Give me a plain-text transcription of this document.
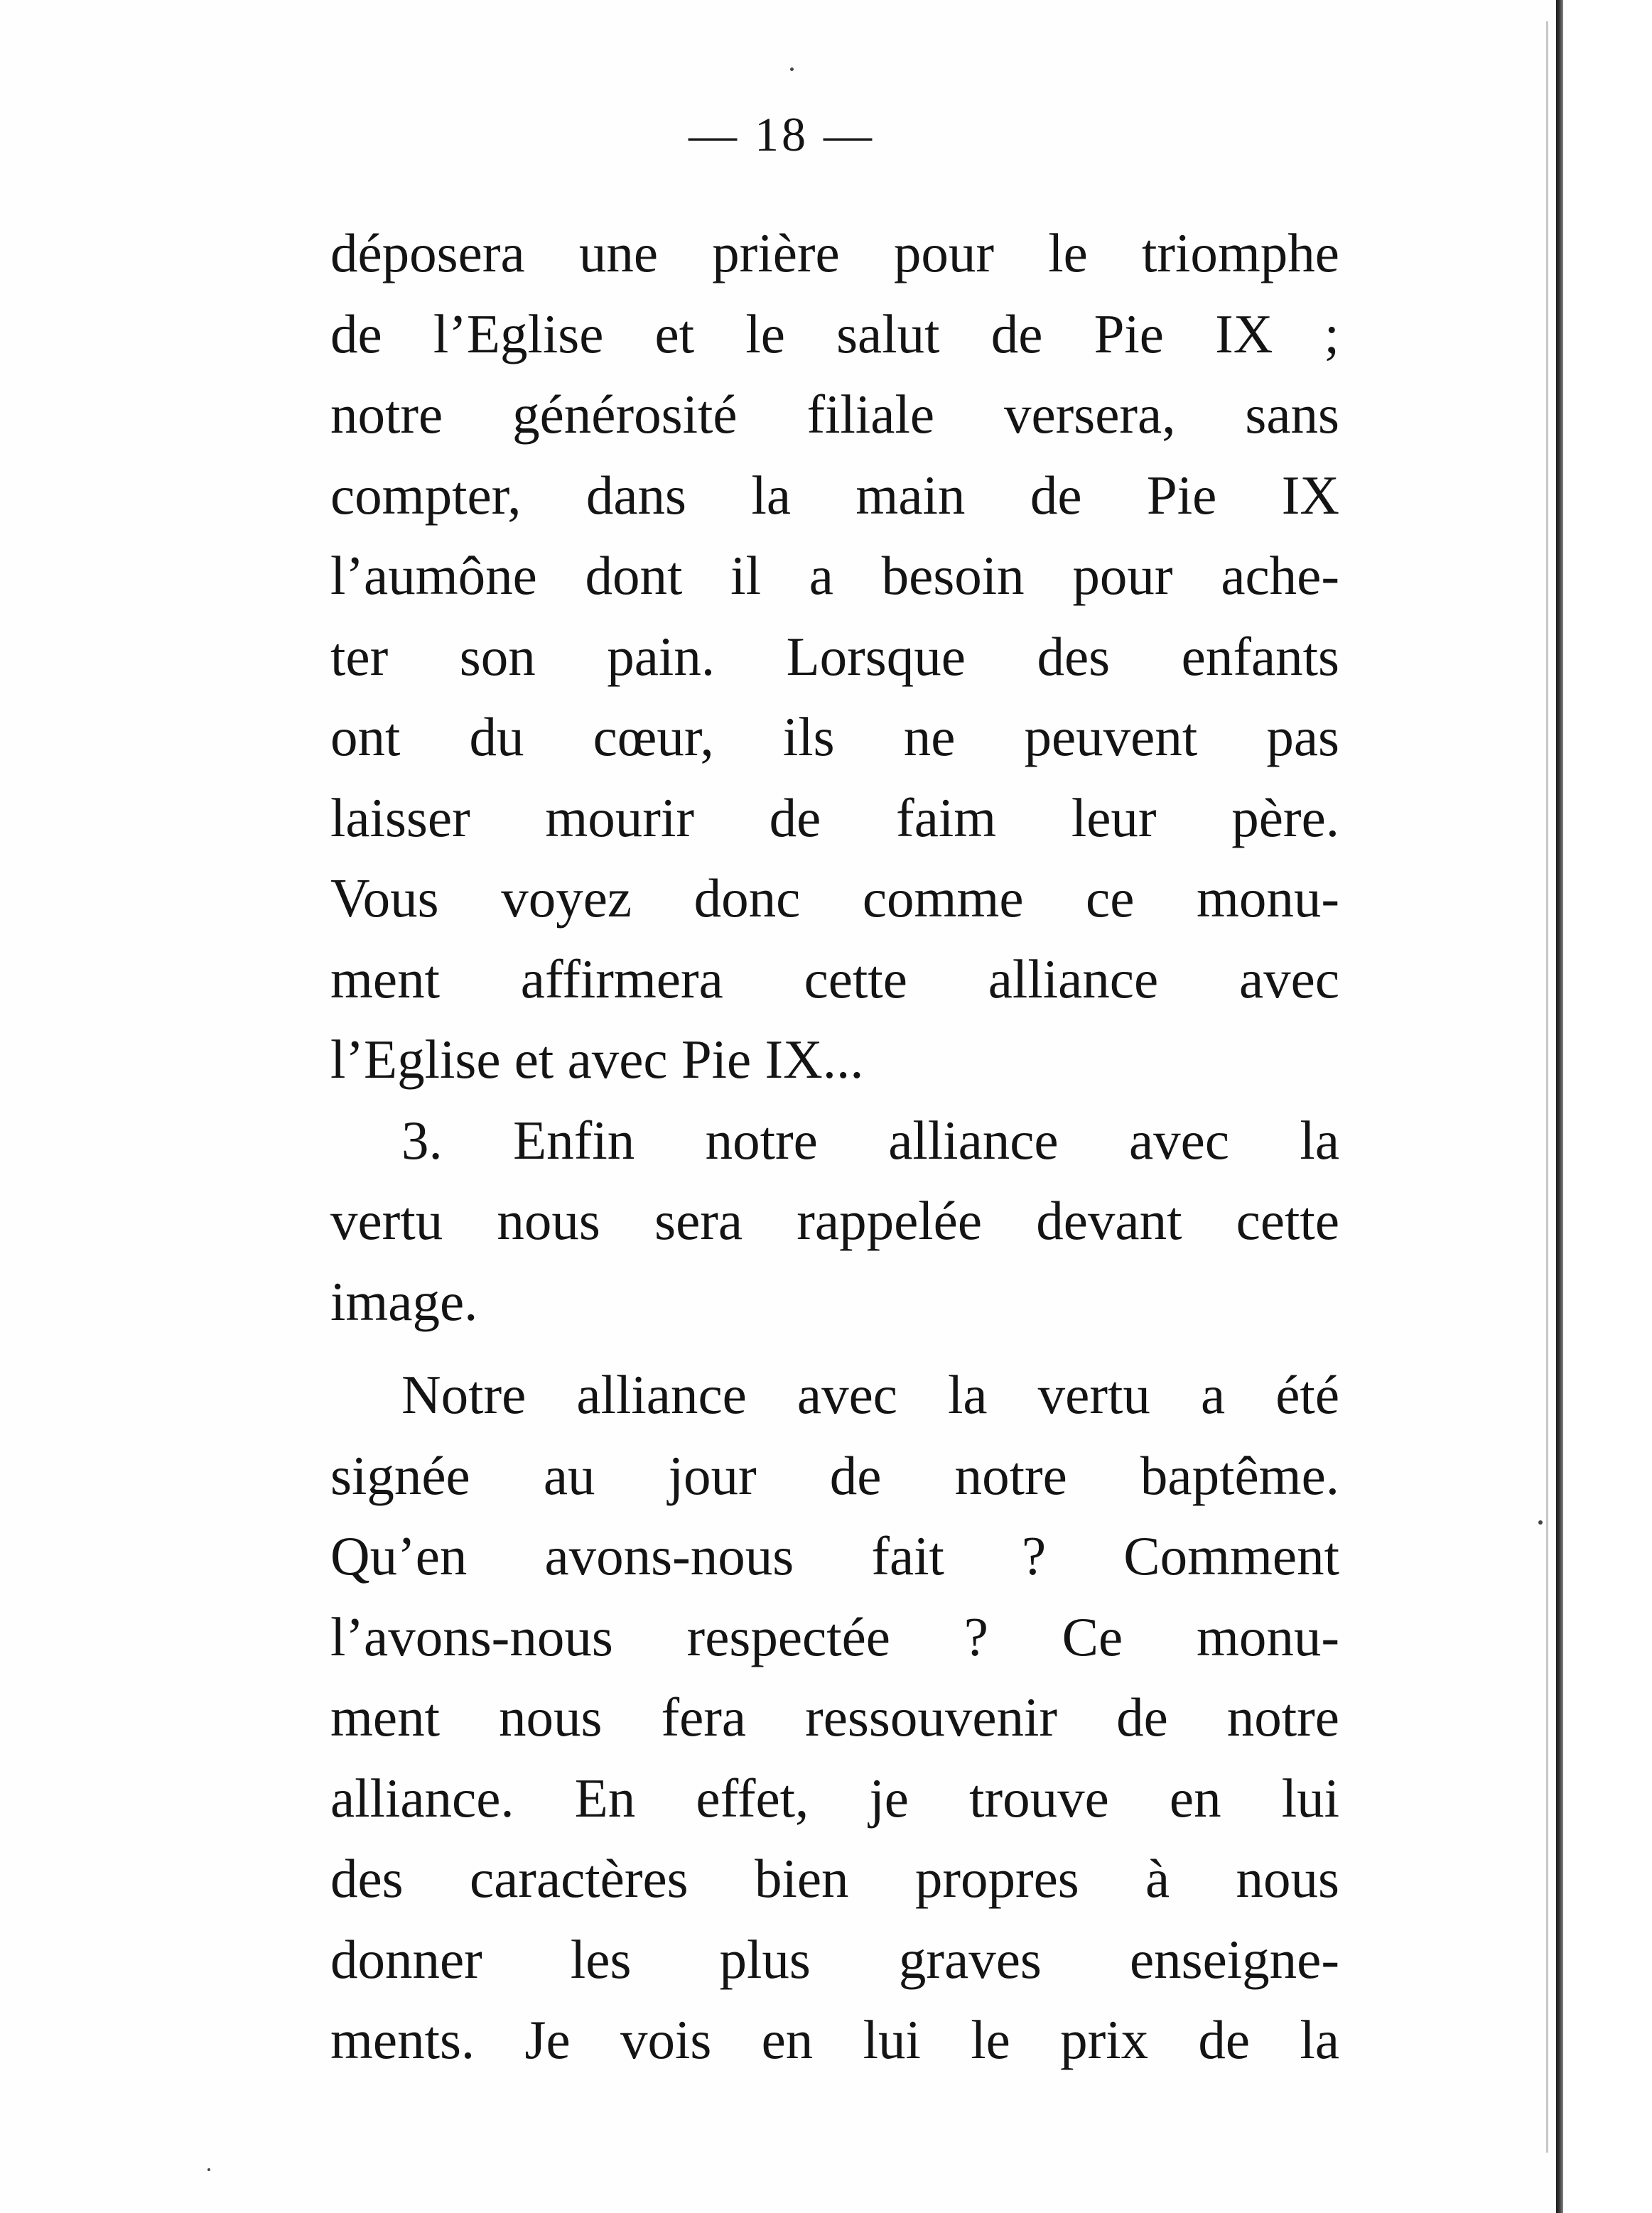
— 18 —
déposera une prière pour le triomphe
de l’Eglise et le salut de Pie IX ;
notre générosité filiale versera, sans
compter, dans la main de Pie IX
l’aumône dont il a besoin pour ache-
ter son pain. Lorsque des enfants
ont du cœur, ils ne peuvent pas
laisser mourir de faim leur père.
Vous voyez donc comme ce monu-
ment affirmera cette alliance avec
l’Eglise et avec Pie IX...
3. Enfin notre alliance avec la
vertu nous sera rappelée devant cette
image.
Notre alliance avec la vertu a été
signée au jour de notre baptême.
Qu’en avons-nous fait ? Comment
l’avons-nous respectée ? Ce monu-
ment nous fera ressouvenir de notre
alliance. En effet, je trouve en lui
des caractères bien propres à nous
donner les plus graves enseigne-
ments. Je vois en lui le prix de la
